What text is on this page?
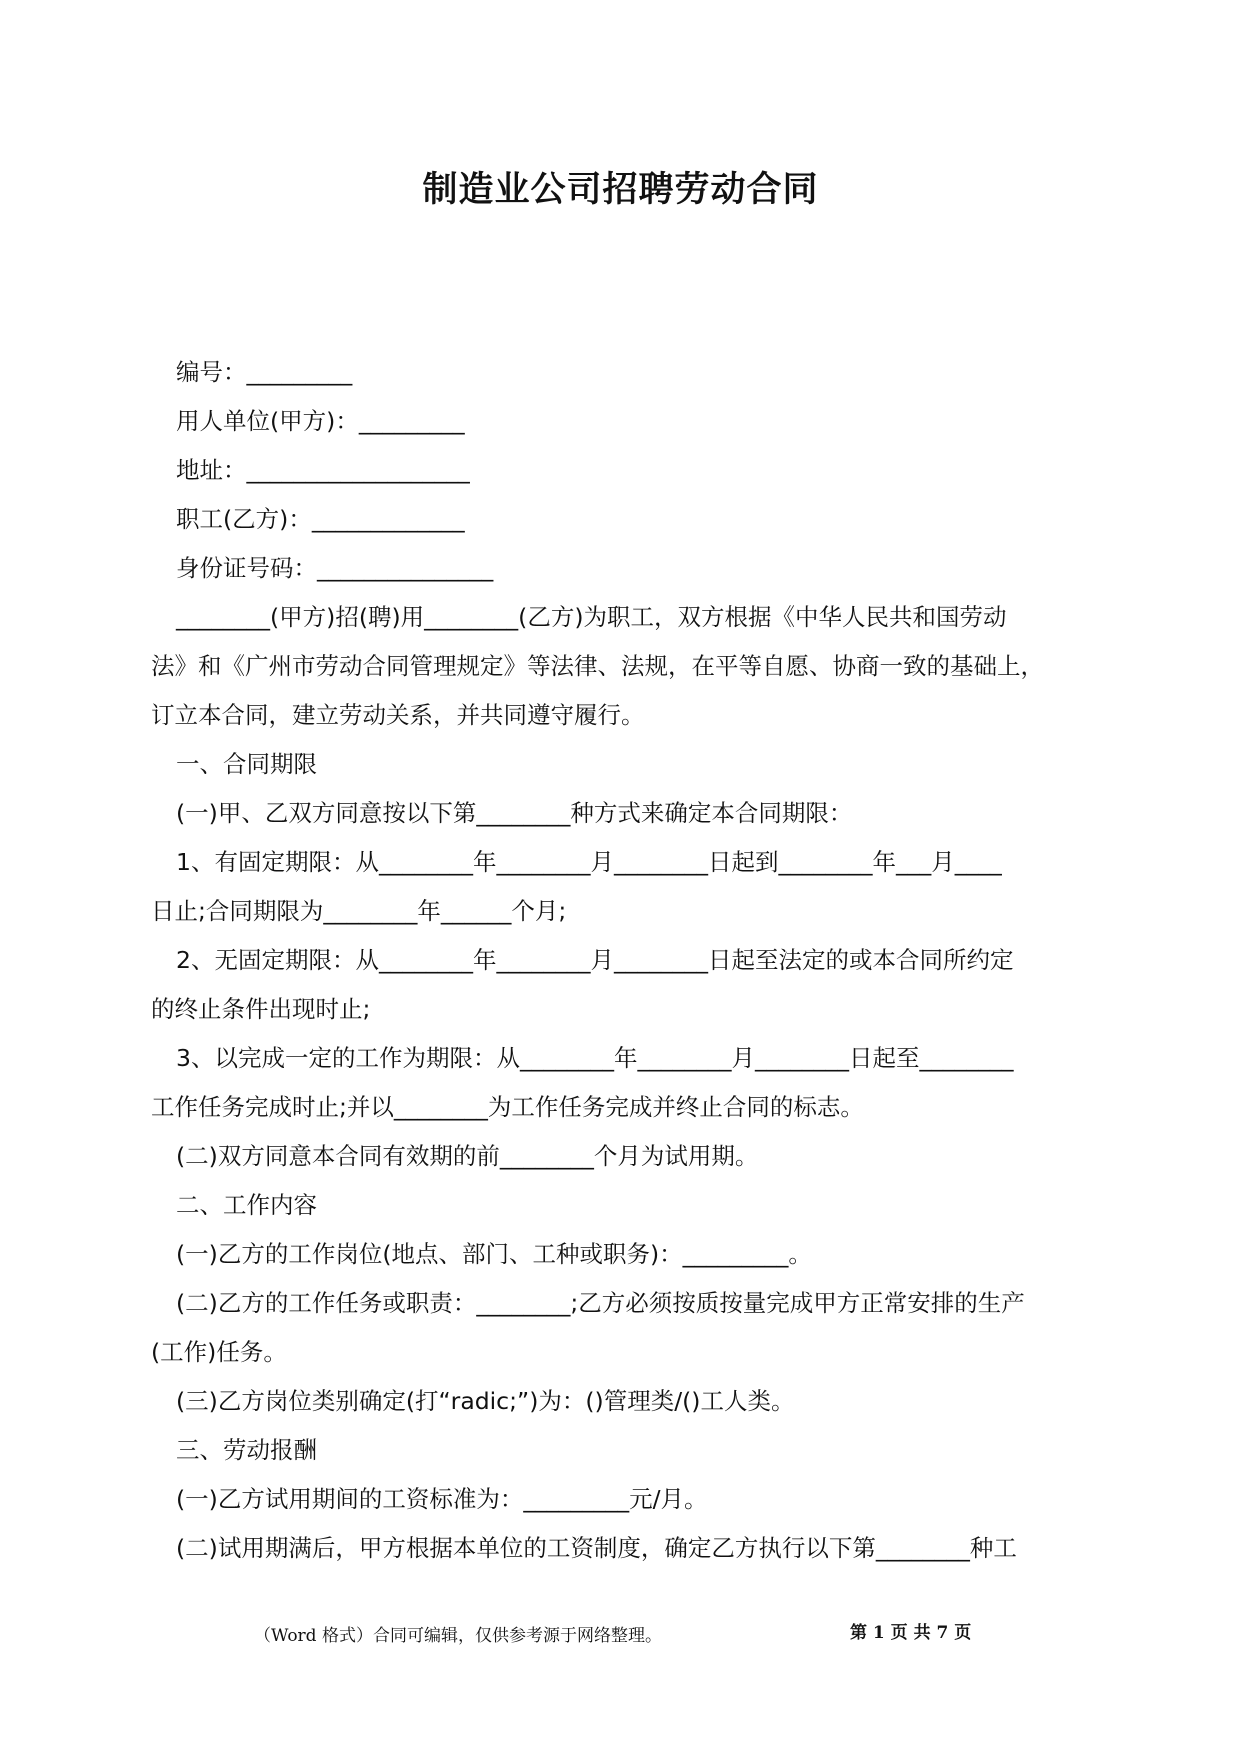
制造业公司招聘劳动合同
编号：_________
用人单位(甲方)：_________
地址：___________________
职工(乙方)：_____________
身份证号码：_______________
________(甲方)招(聘)用________(乙方)为职工，双方根据《中华人民共和国劳动
法》和《广州市劳动合同管理规定》等法律、法规，在平等自愿、协商一致的基础上，
订立本合同，建立劳动关系，并共同遵守履行。
一、合同期限
(一)甲、乙双方同意按以下第________种方式来确定本合同期限：
1、有固定期限：从________年________月________日起到________年___月____
日止;合同期限为________年______个月;
2、无固定期限：从________年________月________日起至法定的或本合同所约定
的终止条件出现时止;
3、以完成一定的工作为期限：从________年________月________日起至________
工作任务完成时止;并以________为工作任务完成并终止合同的标志。
(二)双方同意本合同有效期的前________个月为试用期。
二、工作内容
(一)乙方的工作岗位(地点、部门、工种或职务)：_________。
(二)乙方的工作任务或职责：________;乙方必须按质按量完成甲方正常安排的生产
(工作)任务。
(三)乙方岗位类别确定(打“radic;”)为：()管理类/()工人类。
三、劳动报酬
(一)乙方试用期间的工资标准为：_________元/月。
(二)试用期满后，甲方根据本单位的工资制度，确定乙方执行以下第________种工
（Word 格式）合同可编辑，仅供参考源于网络整理。	第 1 页 共 7 页
